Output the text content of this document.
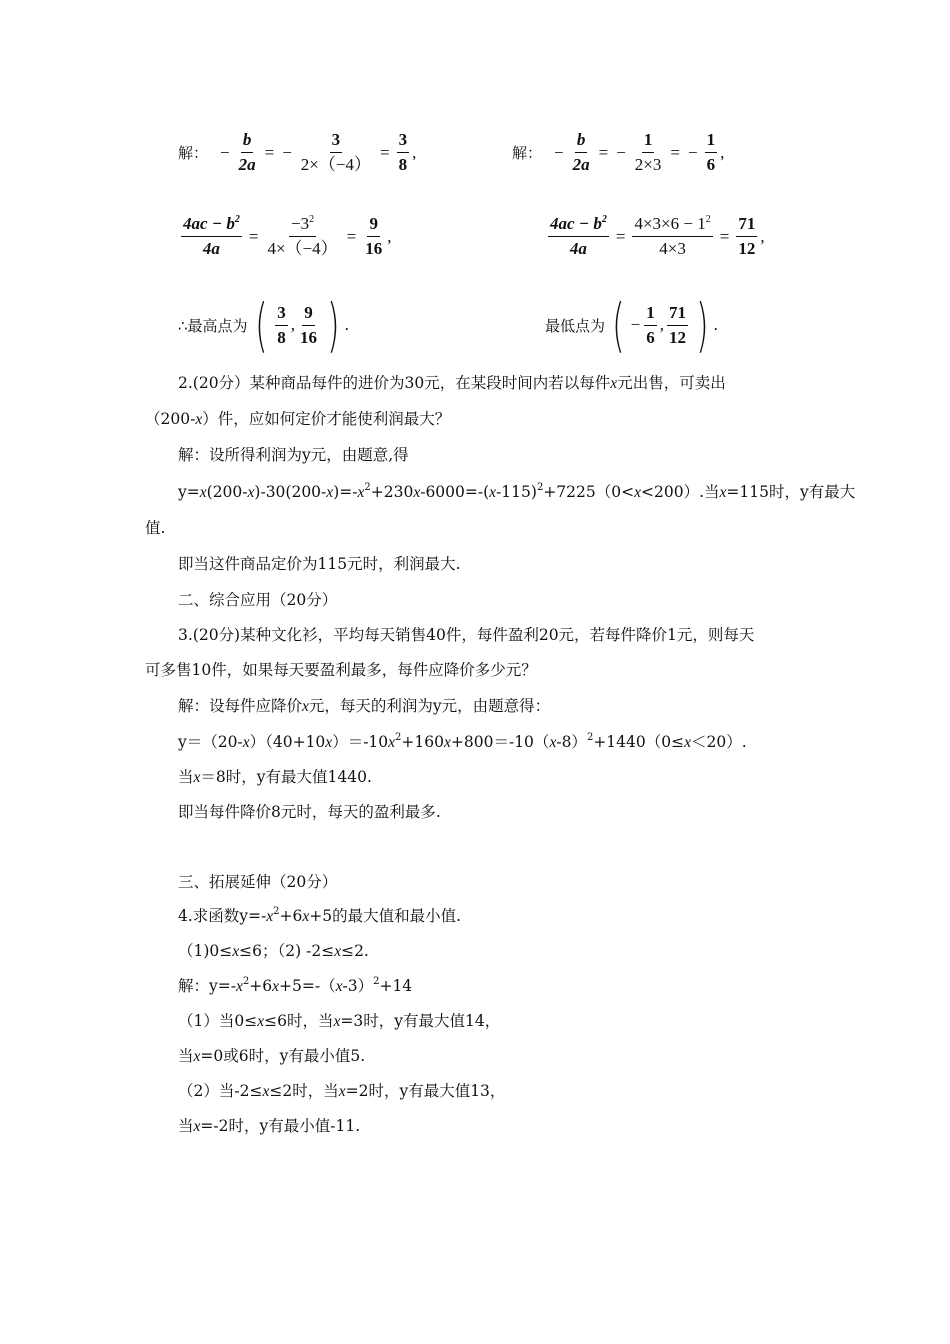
解： − $\frac{b}{2a}$ = − $\frac{3}{2\times(-4)} = \frac{3}{8}$ ,
$\frac{4ac - b^2}{4a} = \frac{-3^2}{4\times(-4)} = \frac{9}{16}$ ,
∴最高点为 ( $\frac{3}{8}$ , $\frac{9}{16}$ ) .
解： − $\frac{b}{2a}$ = − $\frac{1}{2\times 3}$ = − $\frac{1}{6}$ ,
$\frac{4ac - b^2}{4a} = \frac{4\times 3\times 6 - 1^2}{4\times 3} = \frac{71}{12}$ ,
最低点为 ( − $\frac{1}{6}$ , $\frac{71}{12}$ ) .
2.(20分）某种商品每件的进价为30元，在某段时间内若以每件x元出售，可卖出
（200-x）件，应如何定价才能使利润最大？
解：设所得利润为y元，由题意,得
$y=x(200-x)-30(200-x)=-x^2+230x-6000=-(x-115)^2+7225(0<x<200)$.当x=115时，y有最大
值.
即当这件商品定价为115元时，利润最大.
二、综合应用（20分）
3.(20分)某种文化衫，平均每天销售40件，每件盈利20元，若每件降价1元，则每天
可多售10件，如果每天要盈利最多，每件应降价多少元？
解：设每件应降价x元，每天的利润为y元，由题意得：
$y=(20-x)(40+10x)=-10x^2+160x+800=-10(x-8)^2+1440(0\le x<20)$.
当x＝8时，y有最大值1440.
即当每件降价8元时，每天的盈利最多.
三、拓展延伸（20分）
4.求函数$y=-x^2+6x+5$的最大值和最小值.
（1)0≤x≤6；（2) -2≤x≤2.
解：$y=-x^2+6x+5=-(x-3)^2+14$
（1）当0≤x≤6时，当x=3时，y有最大值14，
当x=0或6时，y有最小值5.
（2）当-2≤x≤2时，当x=2时，y有最大值13，
当x=-2时，y有最小值-11.
